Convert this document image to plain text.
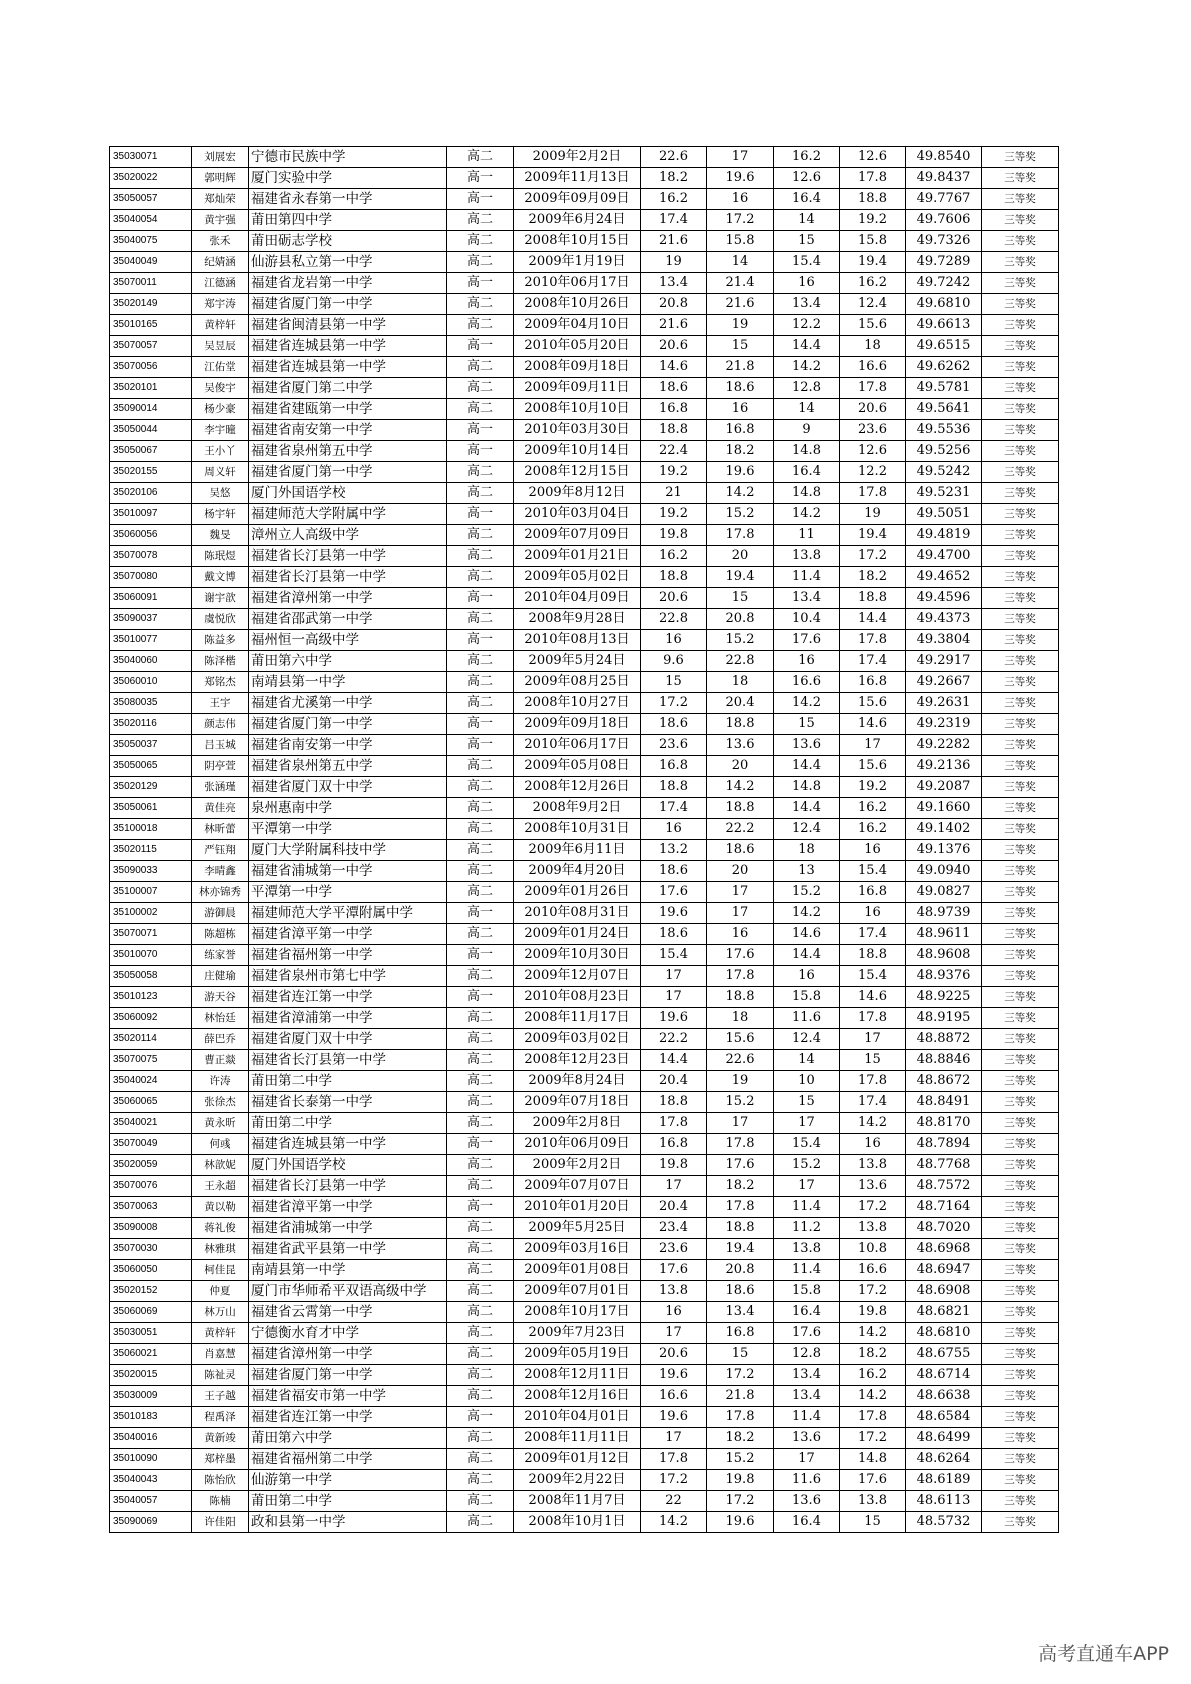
35030071	刘展宏	宁德市民族中学	高二	2009年2月2日	22.6	17	16.2	12.6	49.8540	三等奖
35020022	郭明辉	厦门实验中学	高一	2009年11月13日	18.2	19.6	12.6	17.8	49.8437	三等奖
35050057	郑灿荣	福建省永春第一中学	高一	2009年09月09日	16.2	16	16.4	18.8	49.7767	三等奖
35040054	黄宇强	莆田第四中学	高二	2009年6月24日	17.4	17.2	14	19.2	49.7606	三等奖
35040075	张禾	莆田砺志学校	高二	2008年10月15日	21.6	15.8	15	15.8	49.7326	三等奖
35040049	纪婧涵	仙游县私立第一中学	高二	2009年1月19日	19	14	15.4	19.4	49.7289	三等奖
35070011	江德涵	福建省龙岩第一中学	高一	2010年06月17日	13.4	21.4	16	16.2	49.7242	三等奖
35020149	郑宇涛	福建省厦门第一中学	高二	2008年10月26日	20.8	21.6	13.4	12.4	49.6810	三等奖
35010165	黄梓轩	福建省闽清县第一中学	高二	2009年04月10日	21.6	19	12.2	15.6	49.6613	三等奖
35070057	吴昱辰	福建省连城县第一中学	高一	2010年05月20日	20.6	15	14.4	18	49.6515	三等奖
35070056	江佑堂	福建省连城县第一中学	高二	2008年09月18日	14.6	21.8	14.2	16.6	49.6262	三等奖
35020101	吴俊宇	福建省厦门第二中学	高二	2009年09月11日	18.6	18.6	12.8	17.8	49.5781	三等奖
35090014	杨少豪	福建省建瓯第一中学	高二	2008年10月10日	16.8	16	14	20.6	49.5641	三等奖
35050044	李宇曈	福建省南安第一中学	高一	2010年03月30日	18.8	16.8	9	23.6	49.5536	三等奖
35050067	王小丫	福建省泉州第五中学	高一	2009年10月14日	22.4	18.2	14.8	12.6	49.5256	三等奖
35020155	周义轩	福建省厦门第一中学	高二	2008年12月15日	19.2	19.6	16.4	12.2	49.5242	三等奖
35020106	吴悠	厦门外国语学校	高二	2009年8月12日	21	14.2	14.8	17.8	49.5231	三等奖
35010097	杨宇轩	福建师范大学附属中学	高一	2010年03月04日	19.2	15.2	14.2	19	49.5051	三等奖
35060056	魏旻	漳州立人高级中学	高二	2009年07月09日	19.8	17.8	11	19.4	49.4819	三等奖
35070078	陈珉煜	福建省长汀县第一中学	高二	2009年01月21日	16.2	20	13.8	17.2	49.4700	三等奖
35070080	戴文博	福建省长汀县第一中学	高二	2009年05月02日	18.8	19.4	11.4	18.2	49.4652	三等奖
35060091	谢宇歆	福建省漳州第一中学	高一	2010年04月09日	20.6	15	13.4	18.8	49.4596	三等奖
35090037	虞悦欣	福建省邵武第一中学	高二	2008年9月28日	22.8	20.8	10.4	14.4	49.4373	三等奖
35010077	陈益多	福州恒一高级中学	高一	2010年08月13日	16	15.2	17.6	17.8	49.3804	三等奖
35040060	陈泽楷	莆田第六中学	高二	2009年5月24日	9.6	22.8	16	17.4	49.2917	三等奖
35060010	郑铭杰	南靖县第一中学	高二	2009年08月25日	15	18	16.6	16.8	49.2667	三等奖
35080035	王宇	福建省尤溪第一中学	高二	2008年10月27日	17.2	20.4	14.2	15.6	49.2631	三等奖
35020116	颜志伟	福建省厦门第一中学	高一	2009年09月18日	18.6	18.8	15	14.6	49.2319	三等奖
35050037	吕玉城	福建省南安第一中学	高一	2010年06月17日	23.6	13.6	13.6	17	49.2282	三等奖
35050065	阴亭萱	福建省泉州第五中学	高二	2009年05月08日	16.8	20	14.4	15.6	49.2136	三等奖
35020129	张涵瑾	福建省厦门双十中学	高二	2008年12月26日	18.8	14.2	14.8	19.2	49.2087	三等奖
35050061	黄佳亮	泉州惠南中学	高二	2008年9月2日	17.4	18.8	14.4	16.2	49.1660	三等奖
35100018	林昕蕾	平潭第一中学	高二	2008年10月31日	16	22.2	12.4	16.2	49.1402	三等奖
35020115	严钰翔	厦门大学附属科技中学	高二	2009年6月11日	13.2	18.6	18	16	49.1376	三等奖
35090033	李晴鑫	福建省浦城第一中学	高二	2009年4月20日	18.6	20	13	15.4	49.0940	三等奖
35100007	林亦锦秀	平潭第一中学	高二	2009年01月26日	17.6	17	15.2	16.8	49.0827	三等奖
35100002	游御晨	福建师范大学平潭附属中学	高一	2010年08月31日	19.6	17	14.2	16	48.9739	三等奖
35070071	陈超栋	福建省漳平第一中学	高二	2009年01月24日	18.6	16	14.6	17.4	48.9611	三等奖
35010070	练家誉	福建省福州第一中学	高一	2009年10月30日	15.4	17.6	14.4	18.8	48.9608	三等奖
35050058	庄健瑜	福建省泉州市第七中学	高二	2009年12月07日	17	17.8	16	15.4	48.9376	三等奖
35010123	游天谷	福建省连江第一中学	高一	2010年08月23日	17	18.8	15.8	14.6	48.9225	三等奖
35060092	林怡廷	福建省漳浦第一中学	高二	2008年11月17日	19.6	18	11.6	17.8	48.9195	三等奖
35020114	薛巴乔	福建省厦门双十中学	高二	2009年03月02日	22.2	15.6	12.4	17	48.8872	三等奖
35070075	曹正燚	福建省长汀县第一中学	高二	2008年12月23日	14.4	22.6	14	15	48.8846	三等奖
35040024	许涛	莆田第二中学	高二	2009年8月24日	20.4	19	10	17.8	48.8672	三等奖
35060065	张徐杰	福建省长泰第一中学	高二	2009年07月18日	18.8	15.2	15	17.4	48.8491	三等奖
35040021	黄永昕	莆田第二中学	高二	2009年2月8日	17.8	17	17	14.2	48.8170	三等奖
35070049	何彧	福建省连城县第一中学	高一	2010年06月09日	16.8	17.8	15.4	16	48.7894	三等奖
35020059	林歆妮	厦门外国语学校	高二	2009年2月2日	19.8	17.6	15.2	13.8	48.7768	三等奖
35070076	王永超	福建省长汀县第一中学	高二	2009年07月07日	17	18.2	17	13.6	48.7572	三等奖
35070063	黄以勒	福建省漳平第一中学	高一	2010年01月20日	20.4	17.8	11.4	17.2	48.7164	三等奖
35090008	蒋礼俊	福建省浦城第一中学	高二	2009年5月25日	23.4	18.8	11.2	13.8	48.7020	三等奖
35070030	林雅琪	福建省武平县第一中学	高二	2009年03月16日	23.6	19.4	13.8	10.8	48.6968	三等奖
35060050	柯佳昆	南靖县第一中学	高二	2009年01月08日	17.6	20.8	11.4	16.6	48.6947	三等奖
35020152	仲夏	厦门市华师希平双语高级中学	高二	2009年07月01日	13.8	18.6	15.8	17.2	48.6908	三等奖
35060069	林万山	福建省云霄第一中学	高二	2008年10月17日	16	13.4	16.4	19.8	48.6821	三等奖
35030051	黄梓轩	宁德衡水育才中学	高二	2009年7月23日	17	16.8	17.6	14.2	48.6810	三等奖
35060021	肖嘉慧	福建省漳州第一中学	高二	2009年05月19日	20.6	15	12.8	18.2	48.6755	三等奖
35020015	陈祉灵	福建省厦门第一中学	高二	2008年12月11日	19.6	17.2	13.4	16.2	48.6714	三等奖
35030009	王子越	福建省福安市第一中学	高二	2008年12月16日	16.6	21.8	13.4	14.2	48.6638	三等奖
35010183	程禹泽	福建省连江第一中学	高一	2010年04月01日	19.6	17.8	11.4	17.8	48.6584	三等奖
35040016	黄新竣	莆田第六中学	高二	2008年11月11日	17	18.2	13.6	17.2	48.6499	三等奖
35010090	郑梓墨	福建省福州第二中学	高二	2009年01月12日	17.8	15.2	17	14.8	48.6264	三等奖
35040043	陈怡欣	仙游第一中学	高二	2009年2月22日	17.2	19.8	11.6	17.6	48.6189	三等奖
35040057	陈楠	莆田第二中学	高二	2008年11月7日	22	17.2	13.6	13.8	48.6113	三等奖
35090069	许佳阳	政和县第一中学	高二	2008年10月1日	14.2	19.6	16.4	15	48.5732	三等奖
高考直通车APP
